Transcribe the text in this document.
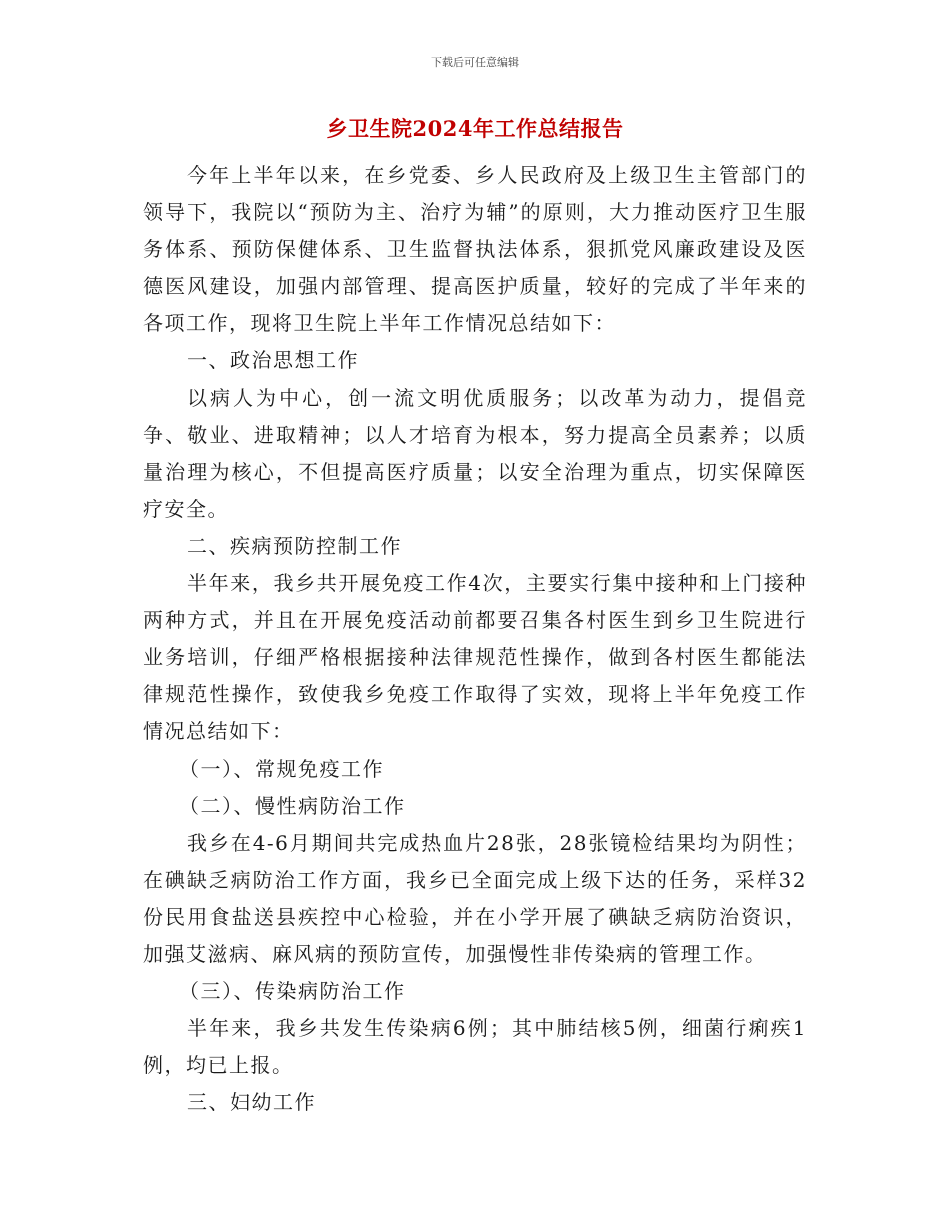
下载后可任意编辑
乡卫生院2024年工作总结报告

今年上半年以来，在乡党委、乡人民政府及上级卫生主管部门的领导下，我院以“预防为主、治疗为辅”的原则，大力推动医疗卫生服务体系、预防保健体系、卫生监督执法体系，狠抓党风廉政建设及医德医风建设，加强内部管理、提高医护质量，较好的完成了半年来的各项工作，现将卫生院上半年工作情况总结如下：

一、政治思想工作

以病人为中心，创一流文明优质服务；以改革为动力，提倡竞争、敬业、进取精神；以人才培育为根本，努力提高全员素养；以质量治理为核心，不但提高医疗质量；以安全治理为重点，切实保障医疗安全。

二、疾病预防控制工作

半年来，我乡共开展免疫工作4次，主要实行集中接种和上门接种两种方式，并且在开展免疫活动前都要召集各村医生到乡卫生院进行业务培训，仔细严格根据接种法律规范性操作，做到各村医生都能法律规范性操作，致使我乡免疫工作取得了实效，现将上半年免疫工作情况总结如下：

（一）、常规免疫工作

（二）、慢性病防治工作

我乡在4-6月期间共完成热血片28张，28张镜检结果均为阴性；在碘缺乏病防治工作方面，我乡已全面完成上级下达的任务，采样32份民用食盐送县疾控中心检验，并在小学开展了碘缺乏病防治资识，加强艾滋病、麻风病的预防宣传，加强慢性非传染病的管理工作。

（三）、传染病防治工作

半年来，我乡共发生传染病6例；其中肺结核5例，细菌行痢疾1例，均已上报。

三、妇幼工作
